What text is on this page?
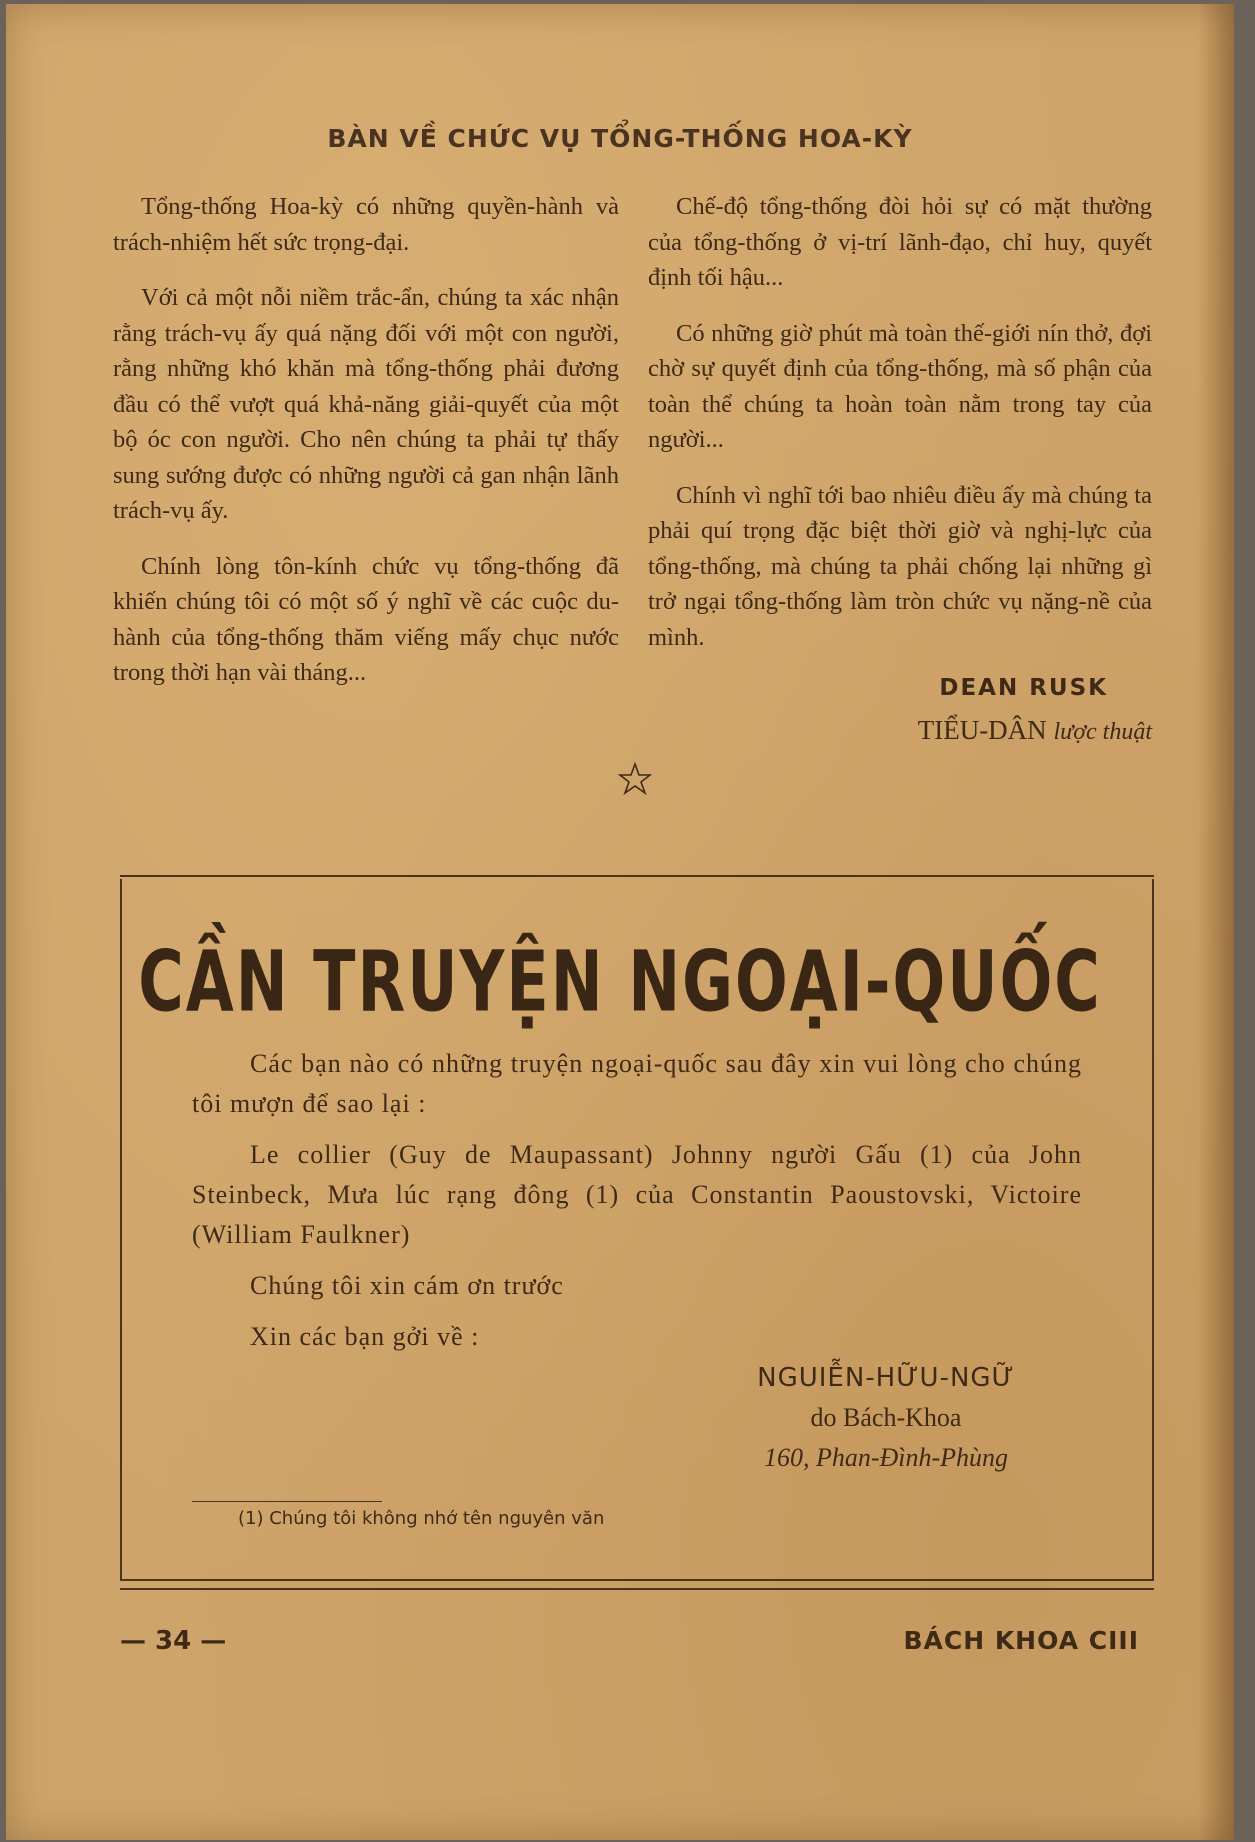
BÀN VỀ CHỨC VỤ TỔNG-THỐNG HOA-KỲ

Tổng-thống Hoa-kỳ có những quyền-hành và trách-nhiệm hết sức trọng-đại.

Với cả một nỗi niềm trắc-ẩn, chúng ta xác nhận rằng trách-vụ ấy quá nặng đối với một con người, rằng những khó khăn mà tổng-thống phải đương đầu có thể vượt quá khả-năng giải-quyết của một bộ óc con người. Cho nên chúng ta phải tự thấy sung sướng được có những người cả gan nhận lãnh trách-vụ ấy.

Chính lòng tôn-kính chức vụ tổng-thống đã khiến chúng tôi có một số ý nghĩ về các cuộc du-hành của tổng-thống thăm viếng mấy chục nước trong thời hạn vài tháng...

Chế-độ tổng-thống đòi hỏi sự có mặt thường của tổng-thống ở vị-trí lãnh-đạo, chỉ huy, quyết định tối hậu...

Có những giờ phút mà toàn thế-giới nín thở, đợi chờ sự quyết định của tổng-thống, mà số phận của toàn thể chúng ta hoàn toàn nằm trong tay của người...

Chính vì nghĩ tới bao nhiêu điều ấy mà chúng ta phải quí trọng đặc biệt thời giờ và nghị-lực của tổng-thống, mà chúng ta phải chống lại những gì trở ngại tổng-thống làm tròn chức vụ nặng-nề của mình.

DEAN RUSK
TIỂU-DÂN lược thuật
CẦN TRUYỆN NGOẠI-QUỐC

Các bạn nào có những truyện ngoại-quốc sau đây xin vui lòng cho chúng tôi mượn để sao lại :

Le collier (Guy de Maupassant) Johnny người Gấu (1) của John Steinbeck, Mưa lúc rạng đông (1) của Constantin Paoustovski, Victoire (William Faulkner)

Chúng tôi xin cám ơn trước

Xin các bạn gởi về :

NGUIỄN-HỮU-NGỮ
do Bách-Khoa
160, Phan-Đình-Phùng
(1) Chúng tôi không nhớ tên nguyên văn
— 34 —	BÁCH KHOA CIII
